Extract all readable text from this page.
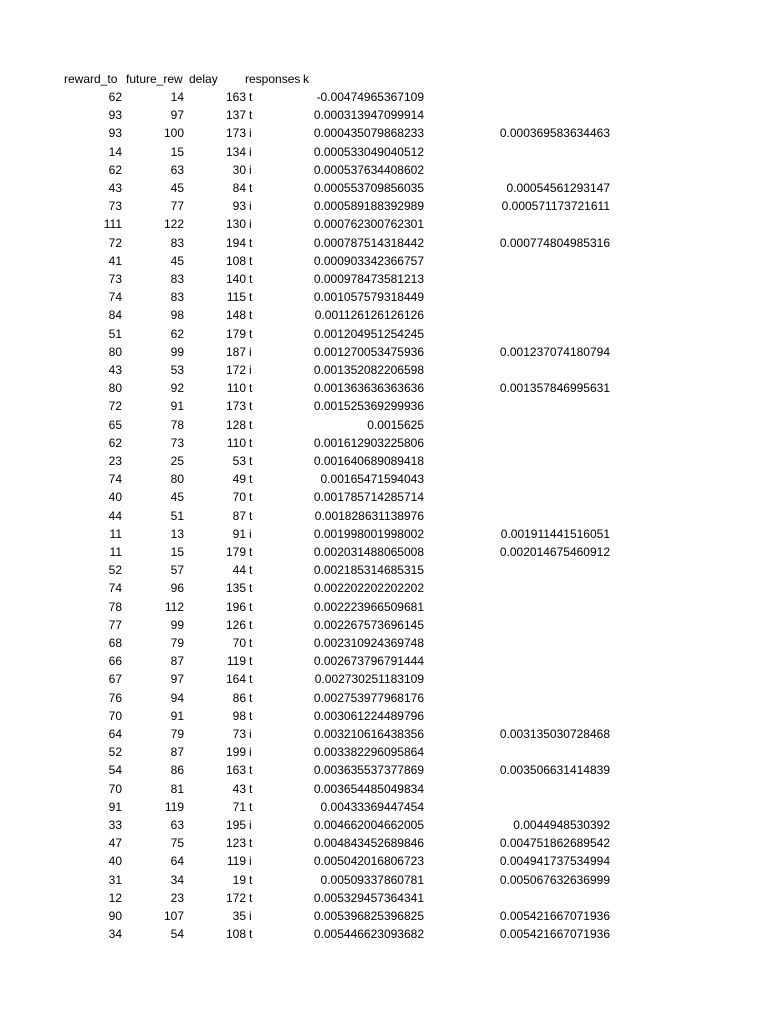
reward_to future_rew delay	responses k
62	14	163 t	-0.00474965367109
93	97	137 t	0.000313947099914
93	100	173 i	0.000435079868233	0.000369583634463
14	15	134 i	0.000533049040512
62	63	30 i	0.000537634408602
43	45	84 t	0.000553709856035	0.00054561293147
73	77	93 i	0.000589188392989	0.000571173721611
111	122	130 i	0.000762300762301
72	83	194 t	0.000787514318442	0.000774804985316
41	45	108 t	0.000903342366757
73	83	140 t	0.000978473581213
74	83	115 t	0.001057579318449
84	98	148 t	0.001126126126126
51	62	179 t	0.001204951254245
80	99	187 i	0.001270053475936	0.001237074180794
43	53	172 i	0.001352082206598
80	92	110 t	0.001363636363636	0.001357846995631
72	91	173 t	0.001525369299936
65	78	128 t	0.0015625
62	73	110 t	0.001612903225806
23	25	53 t	0.001640689089418
74	80	49 t	0.00165471594043
40	45	70 t	0.001785714285714
44	51	87 t	0.001828631138976
11	13	91 i	0.001998001998002	0.001911441516051
11	15	179 t	0.002031488065008	0.002014675460912
52	57	44 t	0.002185314685315
74	96	135 t	0.002202202202202
78	112	196 t	0.002223966509681
77	99	126 t	0.002267573696145
68	79	70 t	0.002310924369748
66	87	119 t	0.002673796791444
67	97	164 t	0.002730251183109
76	94	86 t	0.002753977968176
70	91	98 t	0.003061224489796
64	79	73 i	0.003210616438356	0.003135030728468
52	87	199 i	0.003382296095864
54	86	163 t	0.003635537377869	0.003506631414839
70	81	43 t	0.003654485049834
91	119	71 t	0.00433369447454
33	63	195 i	0.004662004662005	0.0044948530392
47	75	123 t	0.004843452689846	0.004751862689542
40	64	119 i	0.005042016806723	0.004941737534994
31	34	19 t	0.00509337860781	0.005067632636999
12	23	172 t	0.005329457364341
90	107	35 i	0.005396825396825	0.005421667071936
34	54	108 t	0.005446623093682	0.005421667071936
